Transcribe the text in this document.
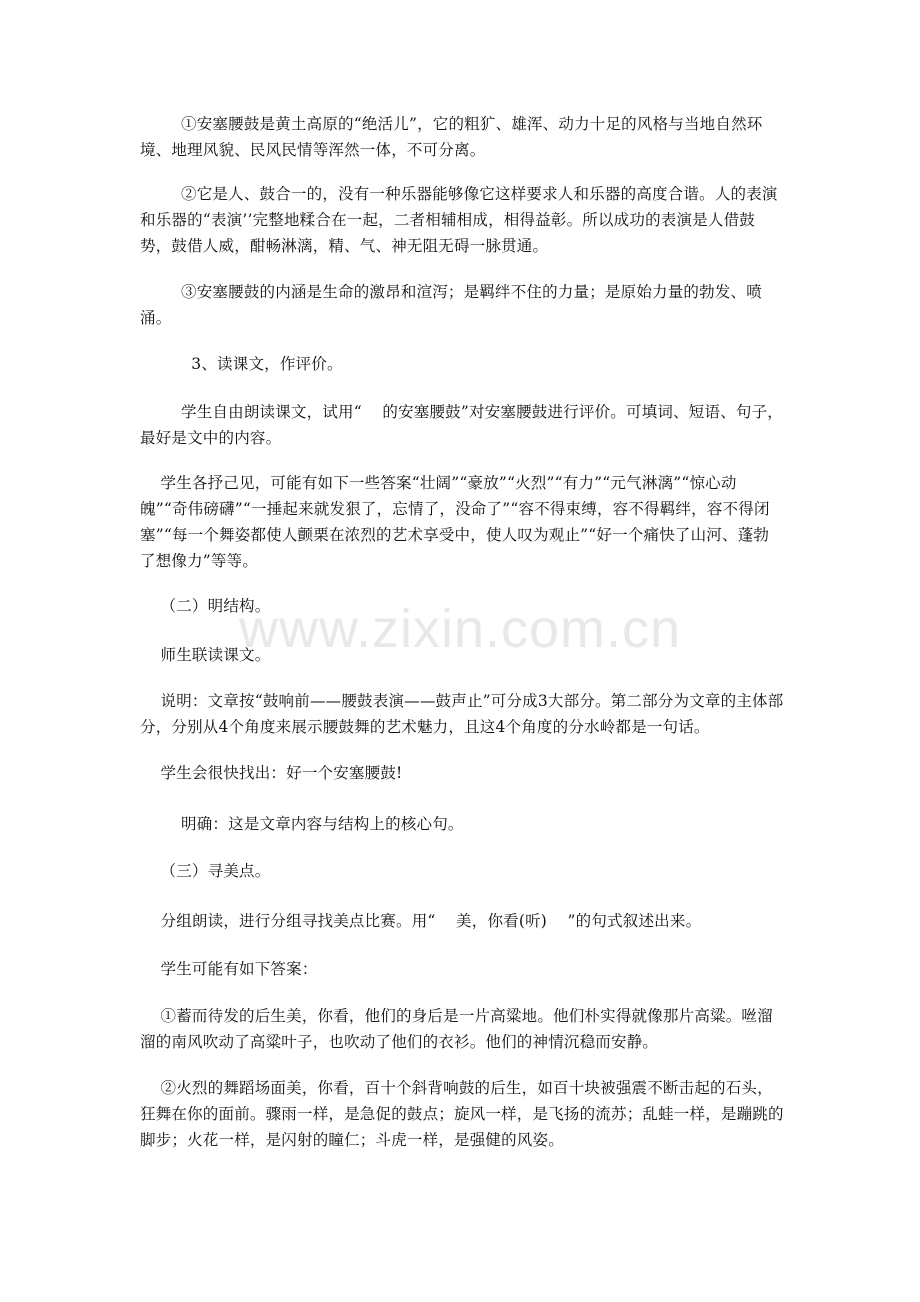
①安塞腰鼓是黄土高原的“绝活儿”，它的粗犷、雄浑、动力十足的风格与当地自然环境、地理风貌、民风民情等浑然一体，不可分离。

②它是人、鼓合一的，没有一种乐器能够像它这样要求人和乐器的高度合谐。人的表演和乐器的“表演’’完整地糅合在一起，二者相辅相成，相得益彰。所以成功的表演是人借鼓势，鼓借人威，酣畅淋漓，精、气、神无阻无碍一脉贯通。

③安塞腰鼓的内涵是生命的激昂和渲泻；是羁绊不住的力量；是原始力量的勃发、喷涌。

3、读课文，作评价。

学生自由朗读课文，试用“    的安塞腰鼓”对安塞腰鼓进行评价。可填词、短语、句子，最好是文中的内容。

学生各抒己见，可能有如下一些答案“壮阔”“豪放”“火烈”“有力”“元气淋漓”“惊心动魄”“奇伟磅礴”“一捶起来就发狠了，忘情了，没命了”“容不得束缚，容不得羁绊，容不得闭塞”“每一个舞姿都使人颤栗在浓烈的艺术享受中，使人叹为观止”“好一个痛快了山河、蓬勃了想像力”等等。

（二）明结构。

师生联读课文。

说明：文章按“鼓响前——腰鼓表演——鼓声止”可分成3大部分。第二部分为文章的主体部分，分别从4个角度来展示腰鼓舞的艺术魅力，且这4个角度的分水岭都是一句话。

学生会很快找出：好一个安塞腰鼓!

明确：这是文章内容与结构上的核心句。

（三）寻美点。

分组朗读，进行分组寻找美点比赛。用“    美，你看(听)    ”的句式叙述出来。

学生可能有如下答案：

①蓄而待发的后生美，你看，他们的身后是一片高粱地。他们朴实得就像那片高粱。咝溜溜的南风吹动了高粱叶子，也吹动了他们的衣衫。他们的神情沉稳而安静。

②火烈的舞蹈场面美，你看，百十个斜背响鼓的后生，如百十块被强震不断击起的石头，狂舞在你的面前。骤雨一样，是急促的鼓点；旋风一样，是飞扬的流苏；乱蛙一样，是蹦跳的脚步；火花一样，是闪射的瞳仁；斗虎一样，是强健的风姿。

www.zixin.com.cn
